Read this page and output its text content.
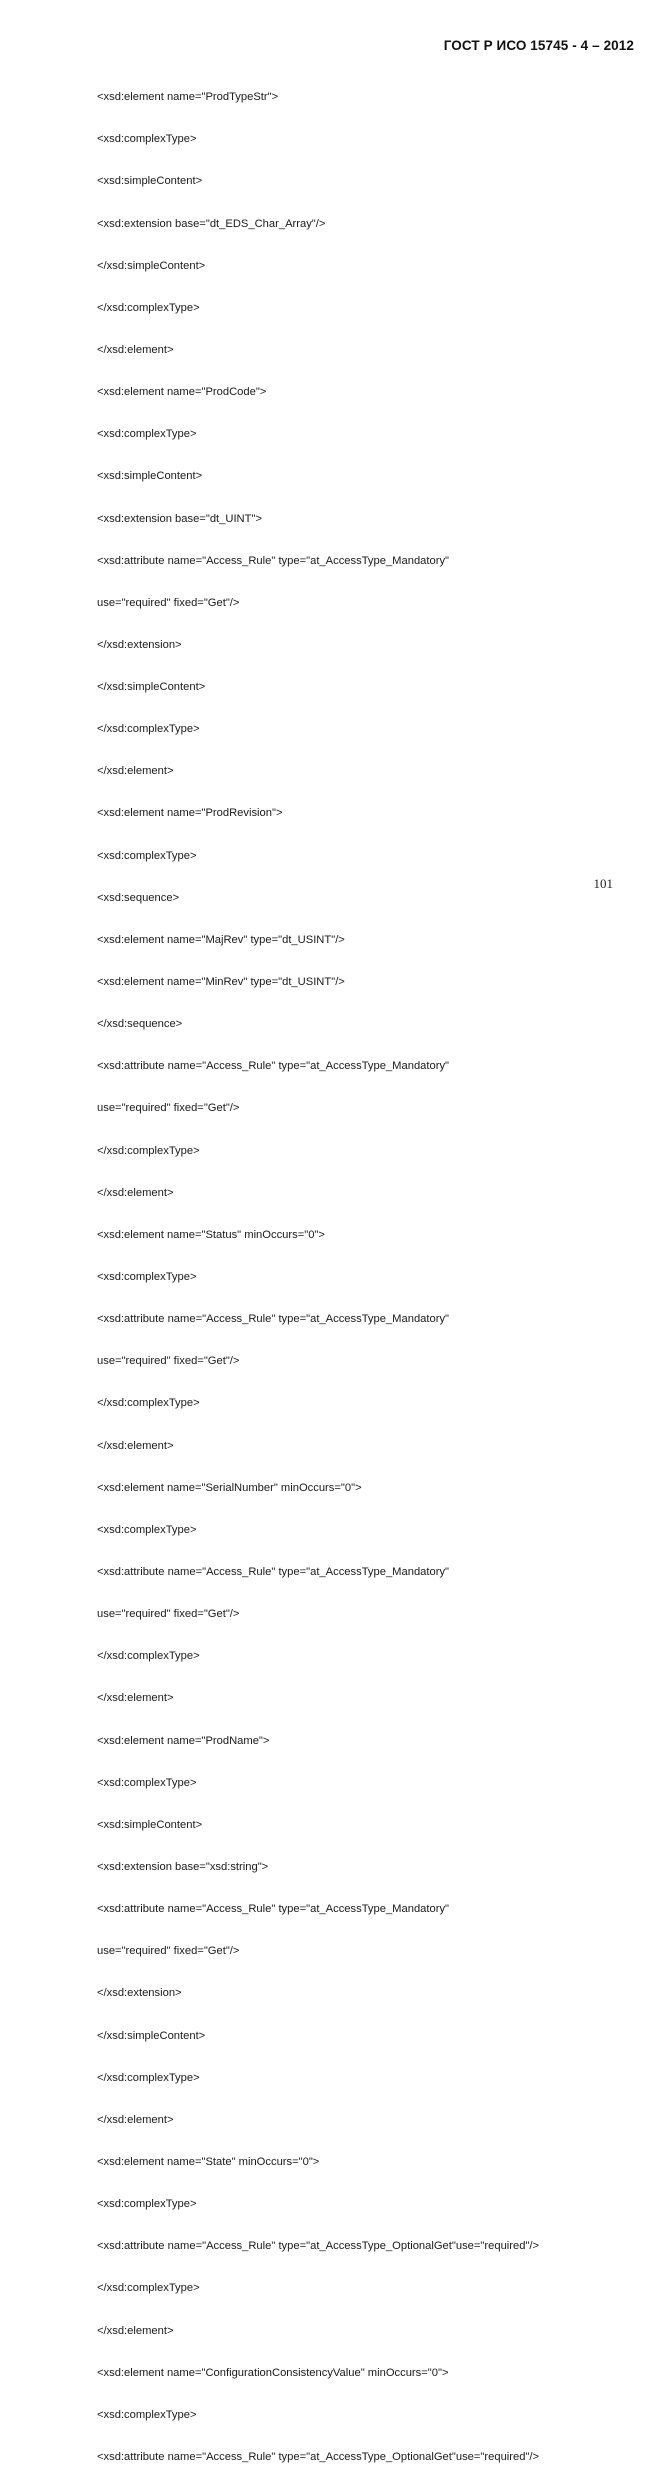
ГОСТ Р ИСО 15745 - 4 – 2012

<xsd:element name="ProdTypeStr">

<xsd:complexType>

<xsd:simpleContent>

<xsd:extension base="dt_EDS_Char_Array"/>

</xsd:simpleContent>

</xsd:complexType>

</xsd:element>

<xsd:element name="ProdCode">

<xsd:complexType>

<xsd:simpleContent>

<xsd:extension base="dt_UINT">

<xsd:attribute name="Access_Rule" type="at_AccessType_Mandatory"

use="required" fixed="Get"/>

</xsd:extension>

</xsd:simpleContent>

</xsd:complexType>

</xsd:element>

<xsd:element name="ProdRevision">

<xsd:complexType>

<xsd:sequence>

<xsd:element name="MajRev" type="dt_USINT"/>

<xsd:element name="MinRev" type="dt_USINT"/>

</xsd:sequence>

<xsd:attribute name="Access_Rule" type="at_AccessType_Mandatory"

use="required" fixed="Get"/>

</xsd:complexType>

</xsd:element>

<xsd:element name="Status" minOccurs="0">

<xsd:complexType>

<xsd:attribute name="Access_Rule" type="at_AccessType_Mandatory"

use="required" fixed="Get"/>

</xsd:complexType>

</xsd:element>

<xsd:element name="SerialNumber" minOccurs="0">

<xsd:complexType>

<xsd:attribute name="Access_Rule" type="at_AccessType_Mandatory"

use="required" fixed="Get"/>

</xsd:complexType>

</xsd:element>

<xsd:element name="ProdName">

<xsd:complexType>

<xsd:simpleContent>

<xsd:extension base="xsd:string">

<xsd:attribute name="Access_Rule" type="at_AccessType_Mandatory"

use="required" fixed="Get"/>

</xsd:extension>

</xsd:simpleContent>

</xsd:complexType>

</xsd:element>

<xsd:element name="State" minOccurs="0">

<xsd:complexType>

<xsd:attribute name="Access_Rule" type="at_AccessType_OptionalGet"use="required"/>

</xsd:complexType>

</xsd:element>

<xsd:element name="ConfigurationConsistencyValue" minOccurs="0">

<xsd:complexType>

<xsd:attribute name="Access_Rule" type="at_AccessType_OptionalGet"use="required"/>

101
